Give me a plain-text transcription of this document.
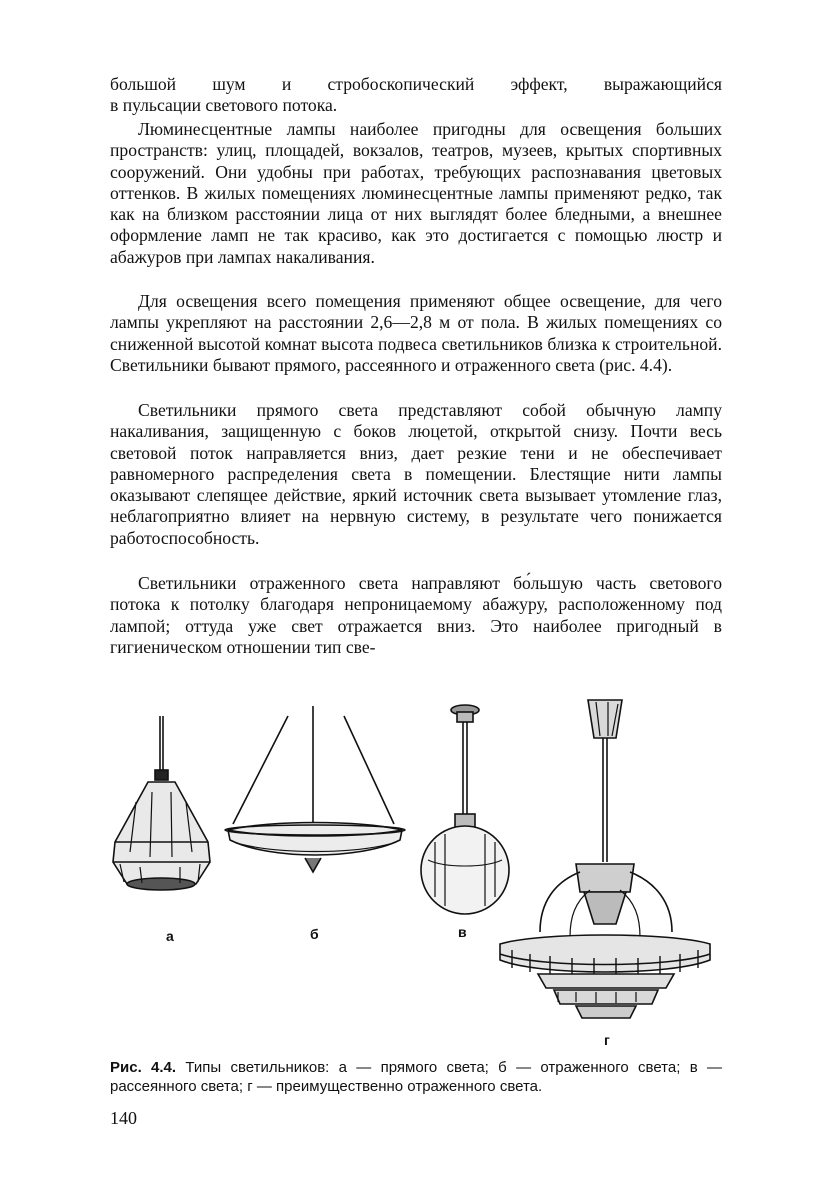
большой шум и стробоскопический эффект, выражающийся

в пульсации светового потока.

Люминесцентные лампы наиболее пригодны для освещения больших пространств: улиц, площадей, вокзалов, театров, музеев, крытых спортивных сооружений. Они удобны при работах, требующих распознавания цветовых оттенков. В жилых помещениях люминесцентные лампы применяют редко, так как на близком расстоянии лица от них выглядят более бледными, а внешнее оформление ламп не так красиво, как это достигается с помощью люстр и абажуров при лампах накаливания.

Для освещения всего помещения применяют общее освещение, для чего лампы укрепляют на расстоянии 2,6—2,8 м от пола. В жилых помещениях со сниженной высотой комнат высота подвеса светильников близка к строительной. Светильники бывают прямого, рассеянного и отраженного света (рис. 4.4).

Светильники прямого света представляют собой обычную лампу накаливания, защищенную с боков люцетой, открытой снизу. Почти весь световой поток направляется вниз, дает резкие тени и не обеспечивает равномерного распределения света в помещении. Блестящие нити лампы оказывают слепящее действие, яркий источник света вызывает утомление глаз, неблагоприятно влияет на нервную систему, в результате чего понижается работоспособность.

Светильники отраженного света направляют бо́льшую часть светового потока к потолку благодаря непроницаемому абажуру, расположенному под лампой; оттуда уже свет отражается вниз. Это наиболее пригодный в гигиеническом отношении тип све-

а	б	в
г

Рис. 4.4. Типы светильников: а — прямого света; б — отраженного света; в — рассеянного света; г — преимущественно отраженного света.

140
